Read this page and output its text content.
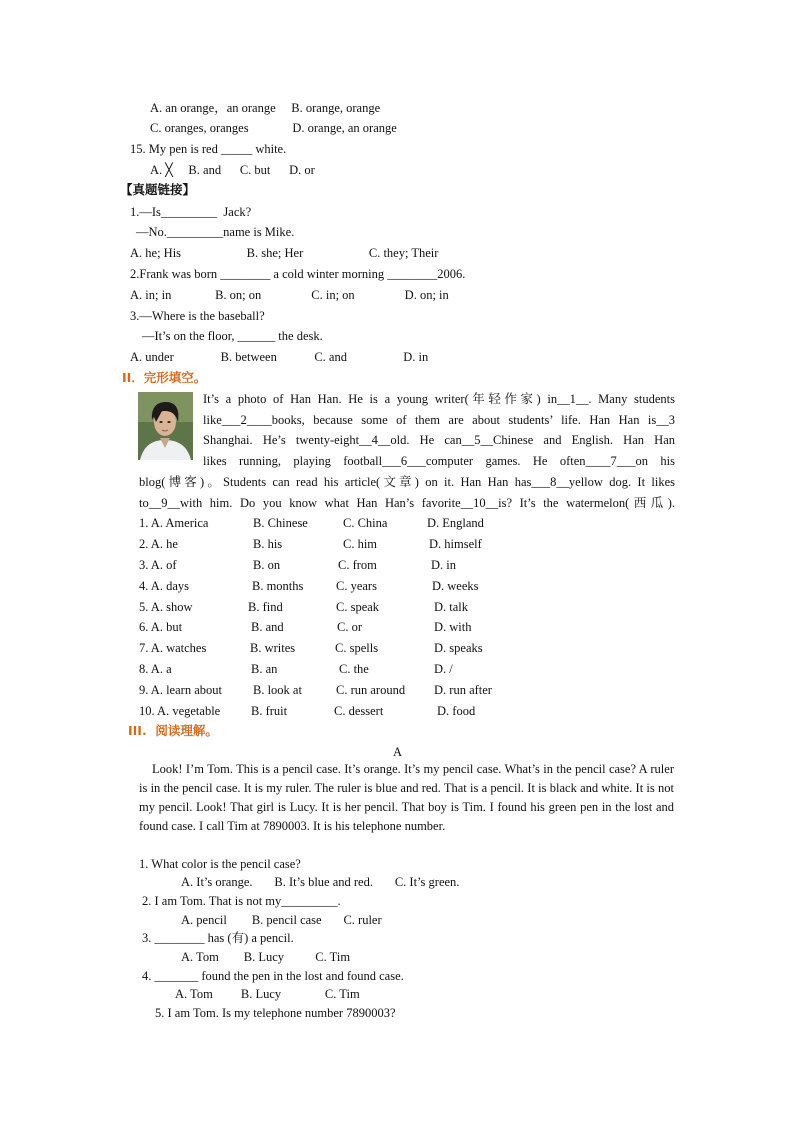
A. an orange，an orange     B. orange, orange
C. oranges, oranges              D. orange, an orange
15. My pen is red _____ white.
A. ╳     B. and      C. but      D. or
【真题链接】
1.—Is_________  Jack?
—No._________name is Mike.
A. he; His                     B. she; Her                     C. they; Their
2.Frank was born ________ a cold winter morning ________2006.
A. in; in              B. on; on                C. in; on                D. on; in
3.—Where is the baseball?
—It’s on the floor, ______ the desk.
A. under               B. between            C. and                  D. in
II．完形填空。
It’s a photo of Han Han. He is a young writer(年轻作家) in__1__. Many students
like___2____books, because some of them are about students’ life. Han Han is__3
Shanghai. He’s twenty-eight__4__old. He can__5__Chinese and English. Han Han
likes running, playing football___6___computer games. He often____7___on his
blog(博客)。Students can read his article(文章) on it. Han Han has___8__yellow dog. It likes
to__9__with him. Do you know what Han Han’s favorite__10__is? It’s the watermelon(西瓜).
1. A. America	B. Chinese	C. China	D. England
2. A. he	B. his	C. him	D. himself
3. A. of	B. on	C. from	D. in
4. A. days	B. months	C. years	D. weeks
5. A. show	B. find	C. speak	D. talk
6. A. but	B. and	C. or	D. with
7. A. watches	B. writes	C. spells	D. speaks
8. A. a	B. an	C. the	D. /
9. A. learn about B. look at	C. run around D. run after
10. A. vegetable B. fruit	C. dessert	D. food
III.  阅读理解。
A
Look! I’m Tom. This is a pencil case. It’s orange. It’s my pencil case. What’s in the pencil case? A ruler is in the pencil case. It is my ruler. The ruler is blue and red. That is a pencil. It is black and white. It is not my pencil. Look! That girl is Lucy. It is her pencil. That boy is Tim. I found his green pen in the lost and found case. I call Tim at 7890003. It is his telephone number.
1. What color is the pencil case?
A. It’s orange.       B. It’s blue and red.       C. It’s green.
2. I am Tom. That is not my_________.
A. pencil        B. pencil case       C. ruler
3. ________ has (有) a pencil.
A. Tom        B. Lucy          C. Tim
4. _______ found the pen in the lost and found case.
A. Tom         B. Lucy              C. Tim
5. I am Tom. Is my telephone number 7890003?
